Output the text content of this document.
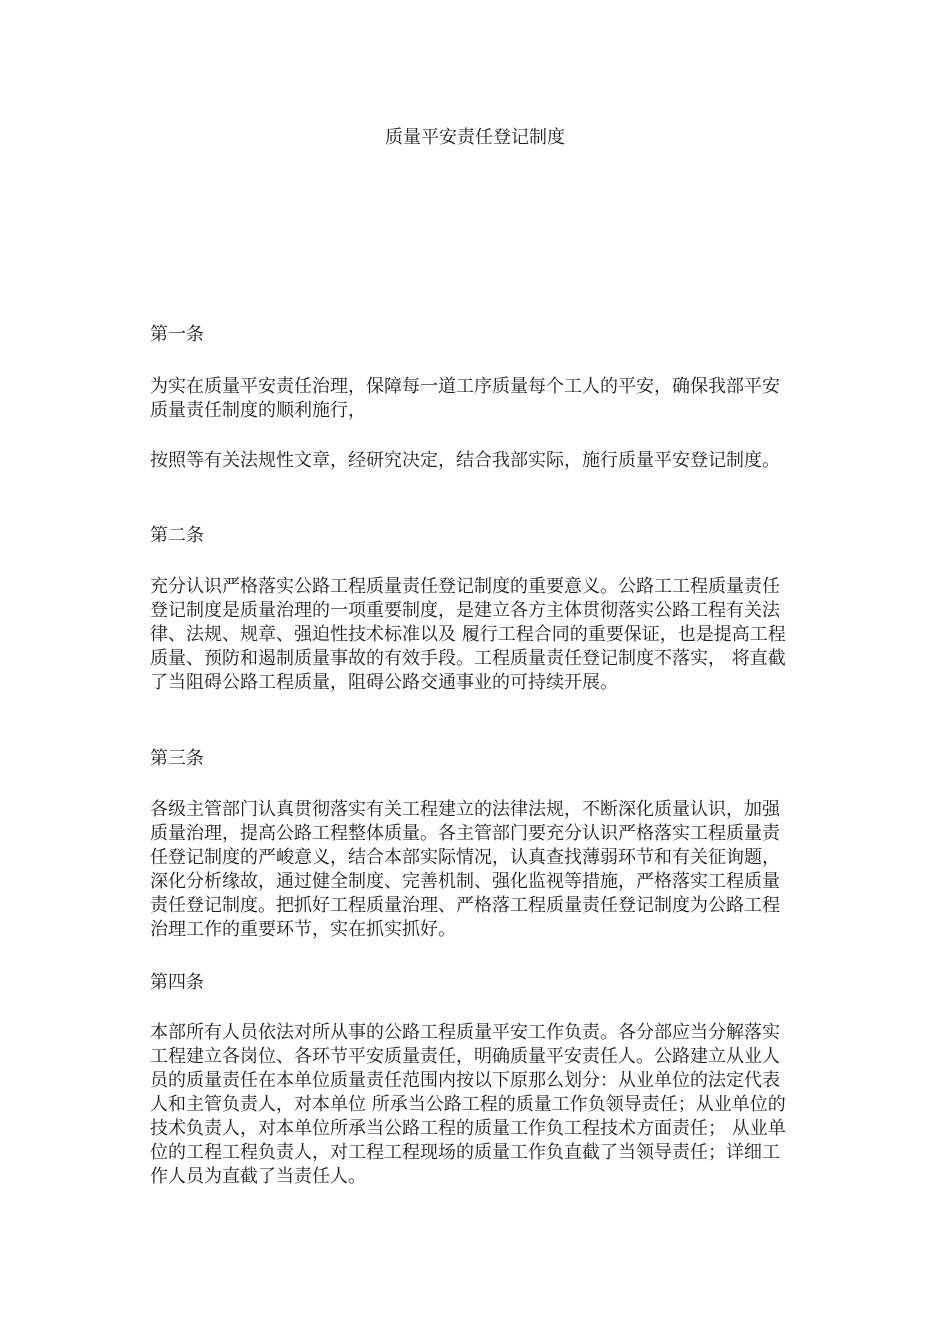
质量平安责任登记制度

第一条

为实在质量平安责任治理，保障每一道工序质量每个工人的平安，确保我部平安质量责任制度的顺利施行，

按照等有关法规性文章，经研究决定，结合我部实际，施行质量平安登记制度。

第二条

充分认识严格落实公路工程质量责任登记制度的重要意义。公路工工程质量责任登记制度是质量治理的一项重要制度，是建立各方主体贯彻落实公路工程有关法律、法规、规章、强迫性技术标准以及 履行工程合同的重要保证，也是提高工程质量、预防和遏制质量事故的有效手段。工程质量责任登记制度不落实， 将直截了当阻碍公路工程质量，阻碍公路交通事业的可持续开展。

第三条

各级主管部门认真贯彻落实有关工程建立的法律法规，不断深化质量认识，加强质量治理，提高公路工程整体质量。各主管部门要充分认识严格落实工程质量责任登记制度的严峻意义，结合本部实际情况，认真查找薄弱环节和有关征询题，深化分析缘故，通过健全制度、完善机制、强化监视等措施，严格落实工程质量责任登记制度。把抓好工程质量治理、严格落工程质量责任登记制度为公路工程治理工作的重要环节，实在抓实抓好。

第四条

本部所有人员依法对所从事的公路工程质量平安工作负责。各分部应当分解落实工程建立各岗位、各环节平安质量责任，明确质量平安责任人。公路建立从业人员的质量责任在本单位质量责任范围内按以下原那么划分：从业单位的法定代表人和主管负责人，对本单位 所承当公路工程的质量工作负领导责任；从业单位的技术负责人，对本单位所承当公路工程的质量工作负工程技术方面责任； 从业单位的工程工程负责人，对工程工程现场的质量工作负直截了当领导责任；详细工作人员为直截了当责任人。
